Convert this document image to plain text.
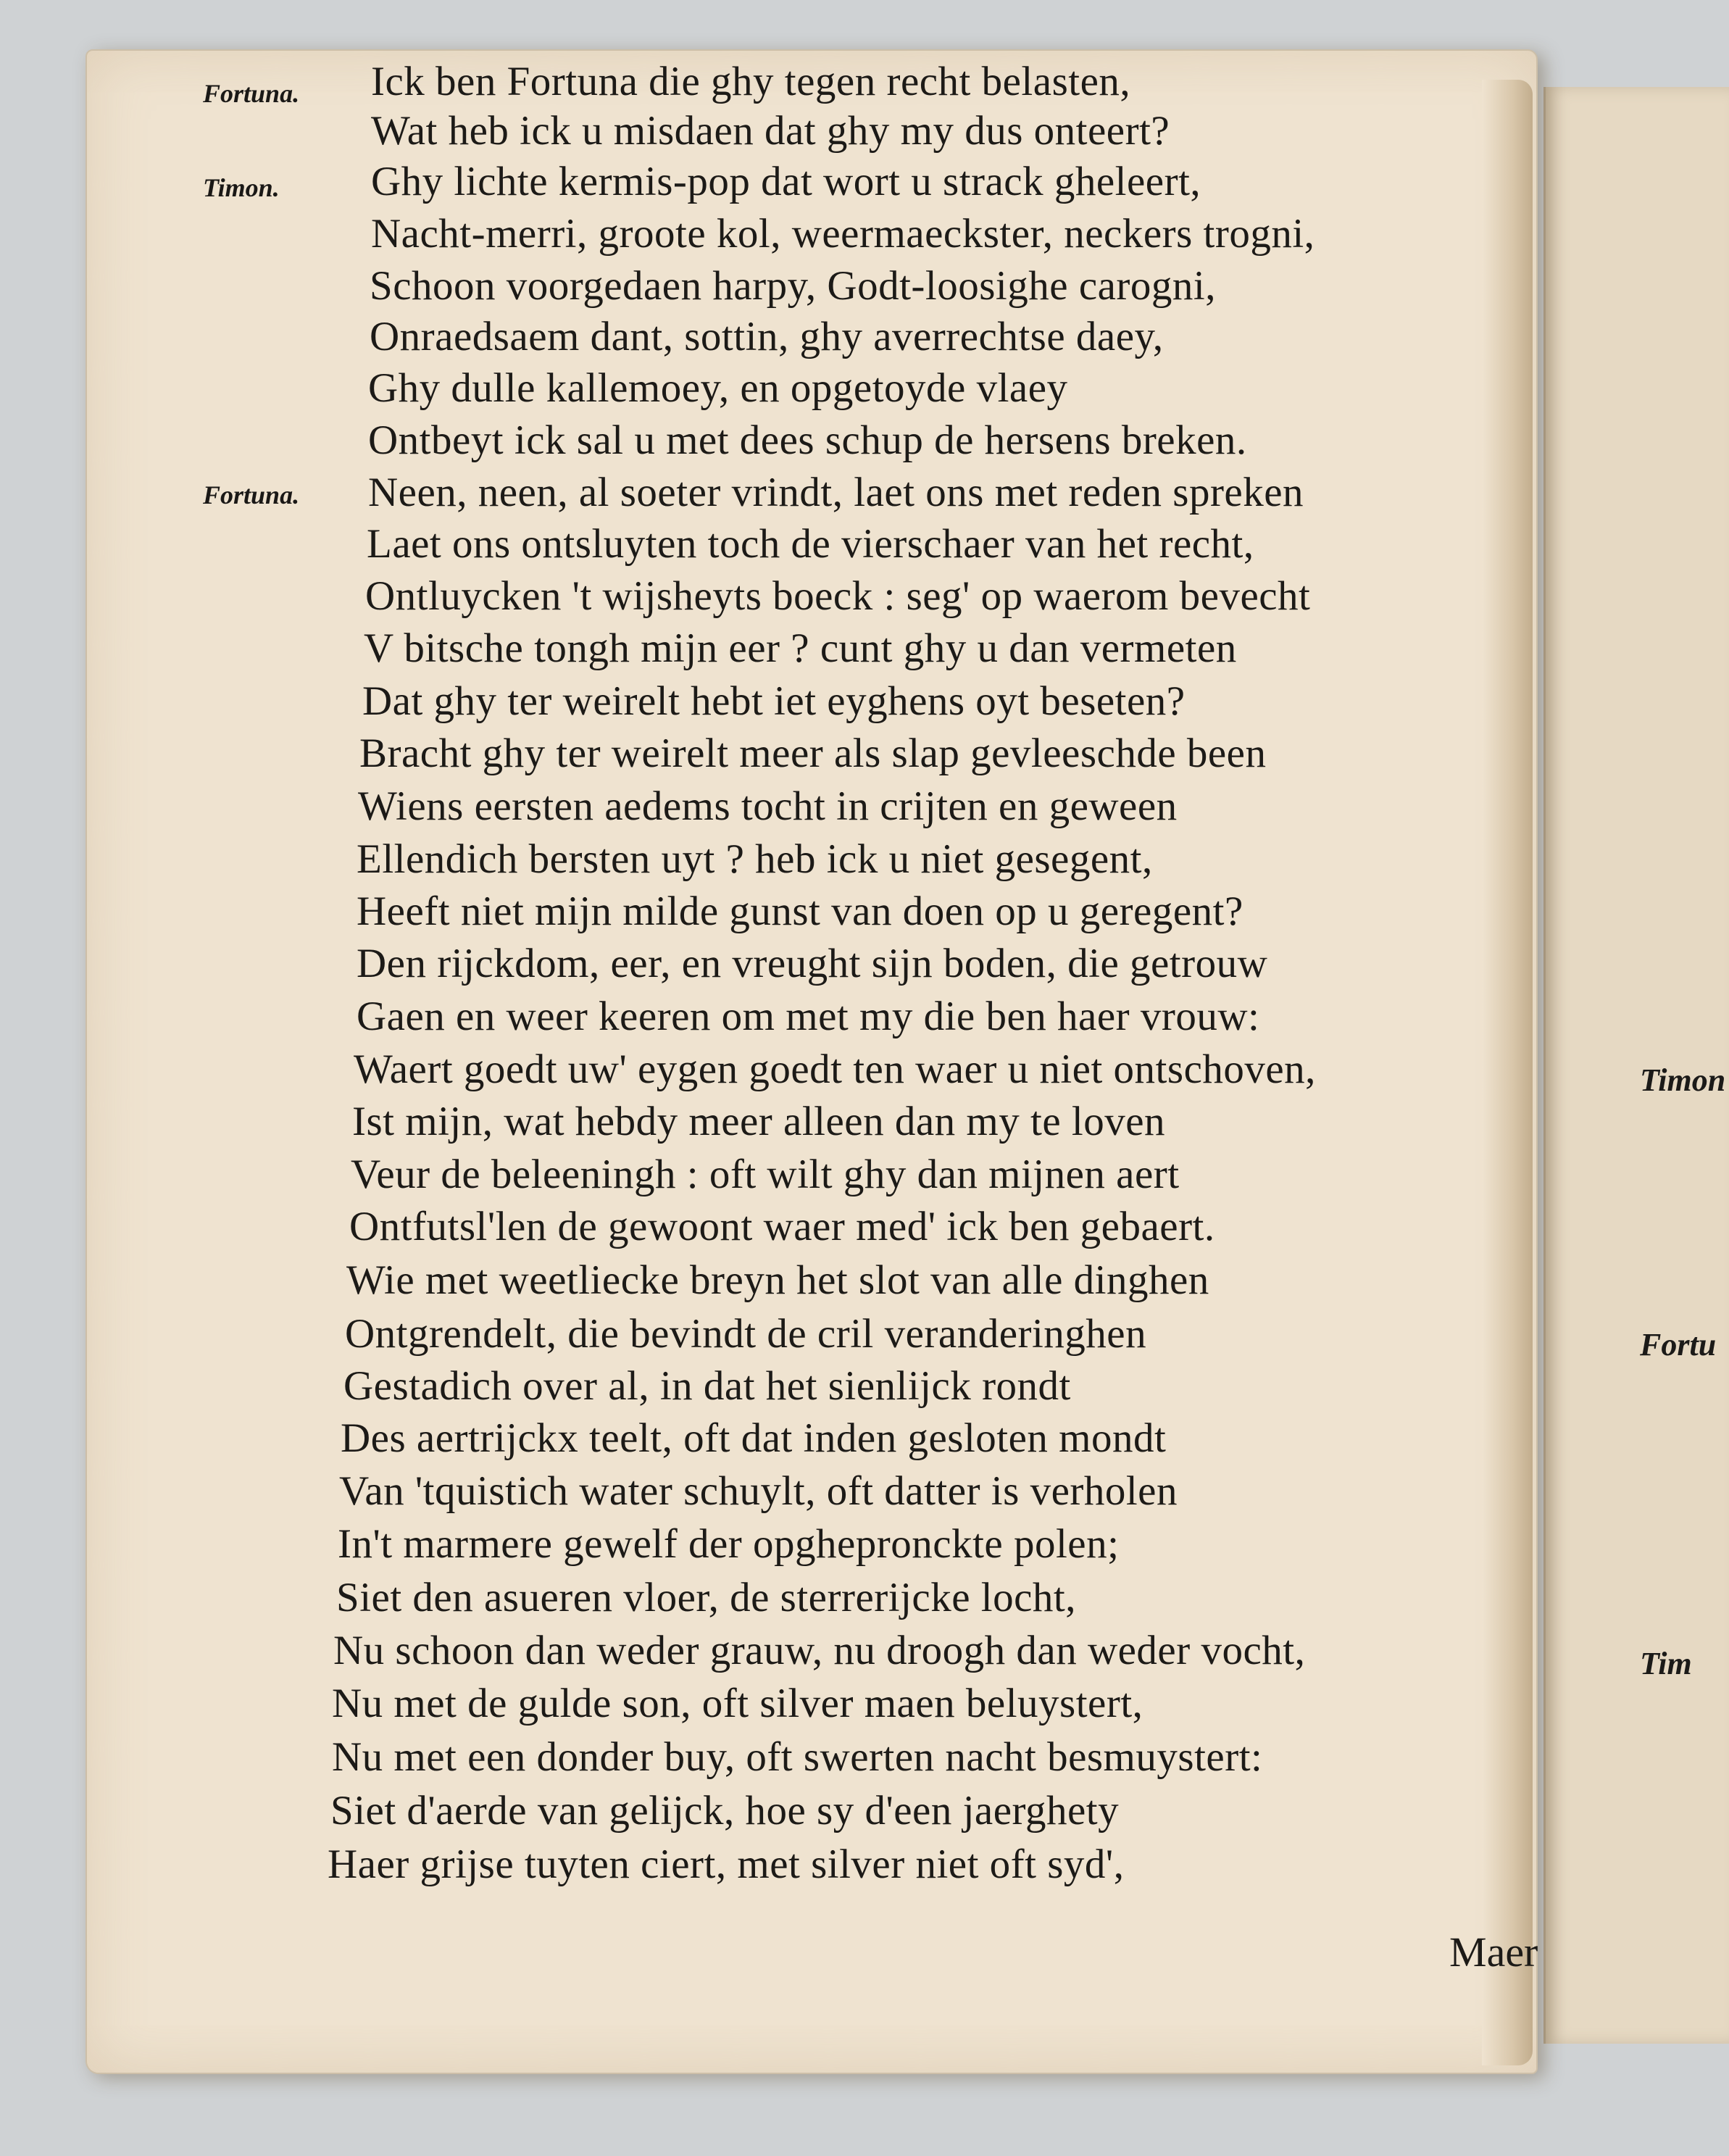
Timon
Fortu
Tim
Fortuna.
Timon.
Fortuna.
Ick ben Fortuna die ghy tegen recht belasten,
Wat heb ick u misdaen dat ghy my dus onteert?
Ghy lichte kermis-pop dat wort u strack gheleert,
Nacht-merri, groote kol, weermaeckster, neckers trogni,
Schoon voorgedaen harpy, Godt-loosighe carogni,
Onraedsaem dant, sottin, ghy averrechtse daey,
Ghy dulle kallemoey, en opgetoyde vlaey
Ontbeyt ick sal u met dees schup de hersens breken.
Neen, neen, al soeter vrindt, laet ons met reden spreken
Laet ons ontsluyten toch de vierschaer van het recht,
Ontluycken 't wijsheyts boeck : seg' op waerom bevecht
V bitsche tongh mijn eer ? cunt ghy u dan vermeten
Dat ghy ter weirelt hebt iet eyghens oyt beseten?
Bracht ghy ter weirelt meer als slap gevleeschde been
Wiens eersten aedems tocht in crijten en geween
Ellendich bersten uyt ? heb ick u niet gesegent,
Heeft niet mijn milde gunst van doen op u geregent?
Den rijckdom, eer, en vreught sijn boden, die getrouw
Gaen en weer keeren om met my die ben haer vrouw:
Waert goedt uw' eygen goedt ten waer u niet ontschoven,
Ist mijn, wat hebdy meer alleen dan my te loven
Veur de beleeningh : oft wilt ghy dan mijnen aert
Ontfutsl'len de gewoont waer med' ick ben gebaert.
Wie met weetliecke breyn het slot van alle dinghen
Ontgrendelt, die bevindt de cril veranderinghen
Gestadich over al, in dat het sienlijck rondt
Des aertrijckx teelt, oft dat inden gesloten mondt
Van 'tquistich water schuylt, oft datter is verholen
In't marmere gewelf der opghepronckte polen;
Siet den asueren vloer, de sterrerijcke locht,
Nu schoon dan weder grauw, nu droogh dan weder vocht,
Nu met de gulde son, oft silver maen beluystert,
Nu met een donder buy, oft swerten nacht besmuystert:
Siet d'aerde van gelijck, hoe sy d'een jaerghety
Haer grijse tuyten ciert, met silver niet oft syd',
Maer
